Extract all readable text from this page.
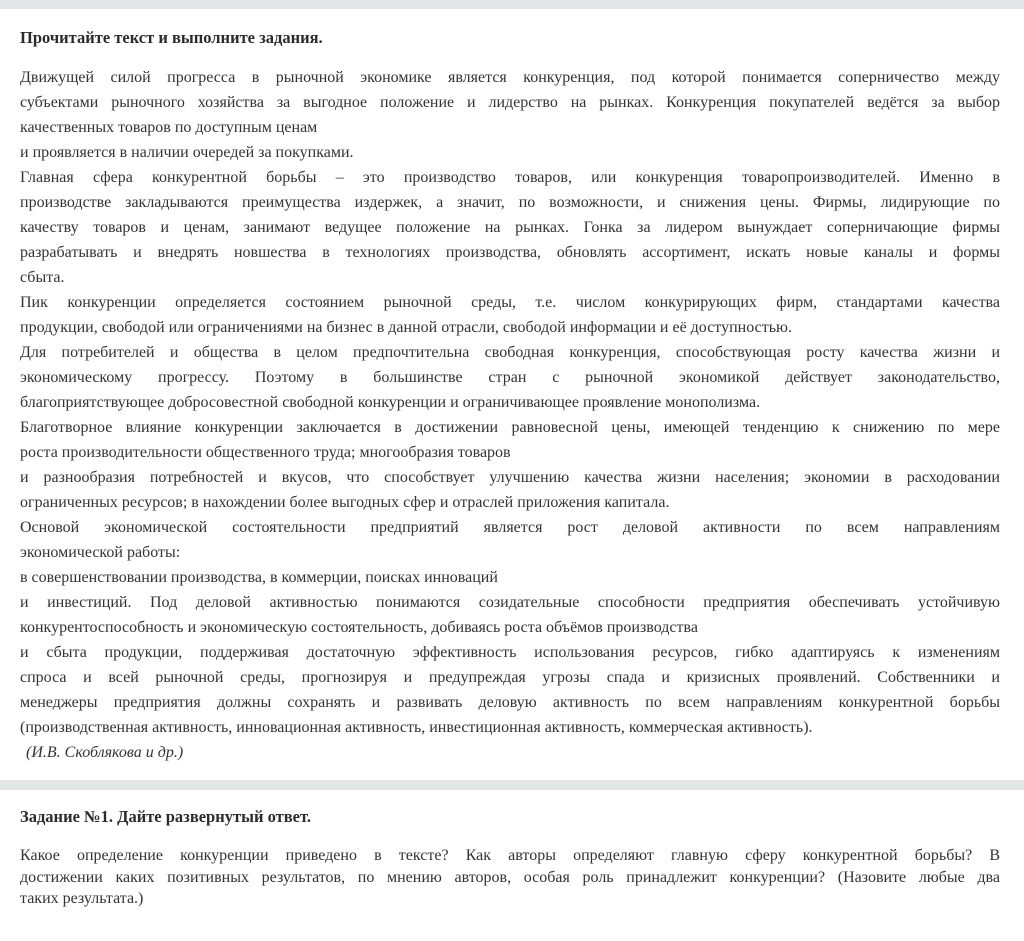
Прочитайте текст и выполните задания.
Движущей силой прогресса в рыночной экономике является конкуренция, под которой понимается соперничество между
субъектами рыночного хозяйства за выгодное положение и лидерство на рынках. Конкуренция покупателей ведётся за выбор
качественных товаров по доступным ценам
и проявляется в наличии очередей за покупками.
Главная сфера конкурентной борьбы – это производство товаров, или конкуренция товаропроизводителей. Именно в
производстве закладываются преимущества издержек, а значит, по возможности, и снижения цены. Фирмы, лидирующие по
качеству товаров и ценам, занимают ведущее положение на рынках. Гонка за лидером вынуждает соперничающие фирмы
разрабатывать и внедрять новшества в технологиях производства, обновлять ассортимент, искать новые каналы и формы
сбыта.
Пик конкуренции определяется состоянием рыночной среды, т.е. числом конкурирующих фирм, стандартами качества
продукции, свободой или ограничениями на бизнес в данной отрасли, свободой информации и её доступностью.
Для потребителей и общества в целом предпочтительна свободная конкуренция, способствующая росту качества жизни и
экономическому прогрессу. Поэтому в большинстве стран с рыночной экономикой действует законодательство,
благоприятствующее добросовестной свободной конкуренции и ограничивающее проявление монополизма.
Благотворное влияние конкуренции заключается в достижении равновесной цены, имеющей тенденцию к снижению по мере
роста производительности общественного труда; многообразия товаров
и разнообразия потребностей и вкусов, что способствует улучшению качества жизни населения; экономии в расходовании
ограниченных ресурсов; в нахождении более выгодных сфер и отраслей приложения капитала.
Основой экономической состоятельности предприятий является рост деловой активности по всем направлениям
экономической работы:
в совершенствовании производства, в коммерции, поисках инноваций
и инвестиций. Под деловой активностью понимаются созидательные способности предприятия обеспечивать устойчивую
конкурентоспособность и экономическую состоятельность, добиваясь роста объёмов производства
и сбыта продукции, поддерживая достаточную эффективность использования ресурсов, гибко адаптируясь к изменениям
спроса и всей рыночной среды, прогнозируя и предупреждая угрозы спада и кризисных проявлений. Собственники и
менеджеры предприятия должны сохранять и развивать деловую активность по всем направлениям конкурентной борьбы
(производственная активность, инновационная активность, инвестиционная активность, коммерческая активность).
(И.В. Скоблякова и др.)
Задание №1. Дайте развернутый ответ.
Какое определение конкуренции приведено в тексте? Как авторы определяют главную сферу конкурентной борьбы? В
достижении каких позитивных результатов, по мнению авторов, особая роль принадлежит конкуренции? (Назовите любые два
таких результата.)
